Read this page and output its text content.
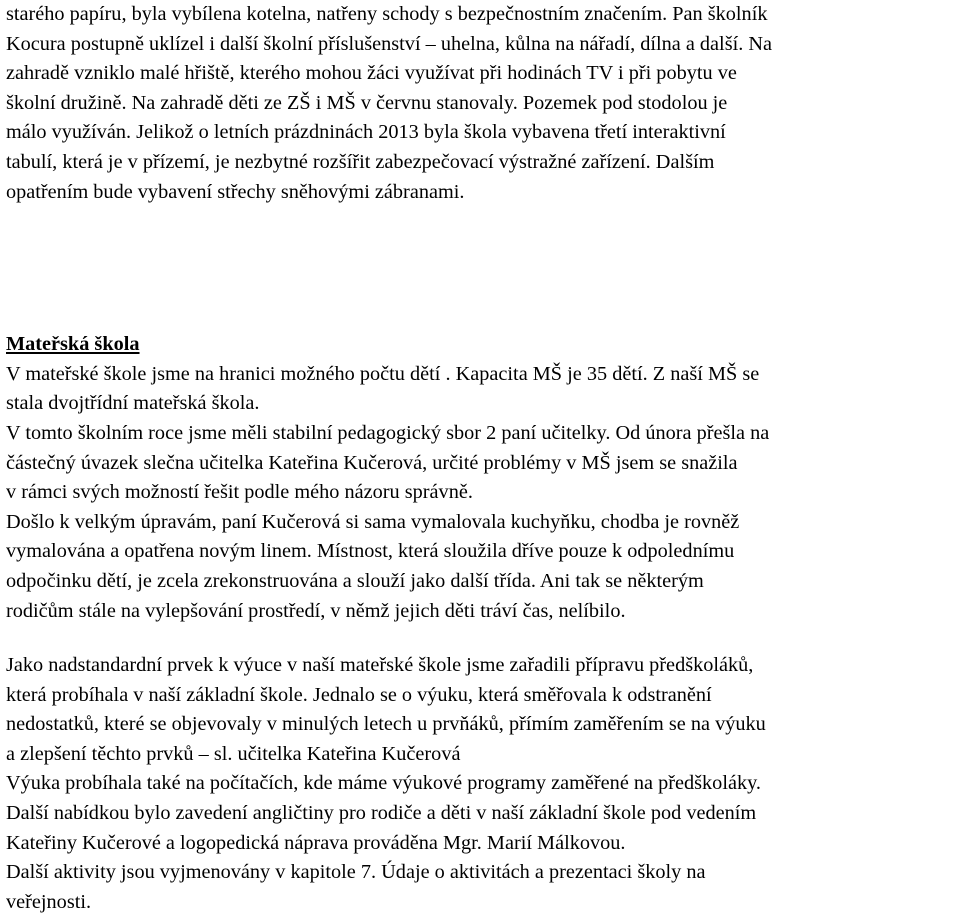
starého papíru, byla vybílena kotelna, natřeny schody s bezpečnostním značením. Pan školník
Kocura postupně uklízel i další školní příslušenství – uhelna, kůlna na nářadí, dílna a další. Na
zahradě vzniklo malé hřiště, kterého mohou žáci využívat při hodinách TV i při pobytu ve
školní družině. Na zahradě děti ze ZŠ i MŠ v červnu stanovaly. Pozemek pod stodolou je
málo využíván. Jelikož o letních prázdninách 2013 byla škola vybavena třetí interaktivní
tabulí, která je v přízemí, je nezbytné rozšířit zabezpečovací výstražné zařízení. Dalším
opatřením bude vybavení střechy sněhovými zábranami.
Mateřská škola
V mateřské škole jsme na hranici možného počtu dětí . Kapacita MŠ je 35 dětí. Z naší MŠ se
stala dvojtřídní mateřská škola.
V tomto školním roce jsme měli stabilní pedagogický sbor 2 paní učitelky. Od února přešla na
částečný úvazek slečna učitelka Kateřina Kučerová, určité problémy v MŠ jsem se snažila
v rámci svých možností řešit podle mého názoru správně.
Došlo k velkým úpravám, paní Kučerová si sama vymalovala kuchyňku, chodba je rovněž
vymalována a opatřena novým linem. Místnost, která sloužila dříve pouze k odpolednímu
odpočinku dětí, je zcela zrekonstruována a slouží jako další třída. Ani tak se některým
rodičům stále na vylepšování prostředí, v němž jejich děti tráví čas, nelíbilo.
Jako nadstandardní prvek k výuce v naší mateřské škole jsme zařadili přípravu předškoláků,
která probíhala v naší základní škole. Jednalo se o výuku, která směřovala k odstranění
nedostatků, které se objevovaly v minulých letech u prvňáků, přímím zaměřením se na výuku
a zlepšení těchto prvků – sl. učitelka Kateřina Kučerová
Výuka probíhala také na počítačích, kde máme výukové programy zaměřené na předškoláky.
Další nabídkou bylo zavedení angličtiny pro rodiče a děti v naší základní škole pod vedením
Kateřiny Kučerové a logopedická náprava prováděna Mgr. Marií Málkovou.
Další aktivity jsou vyjmenovány v kapitole 7. Údaje o aktivitách a prezentaci školy na
veřejnosti.
